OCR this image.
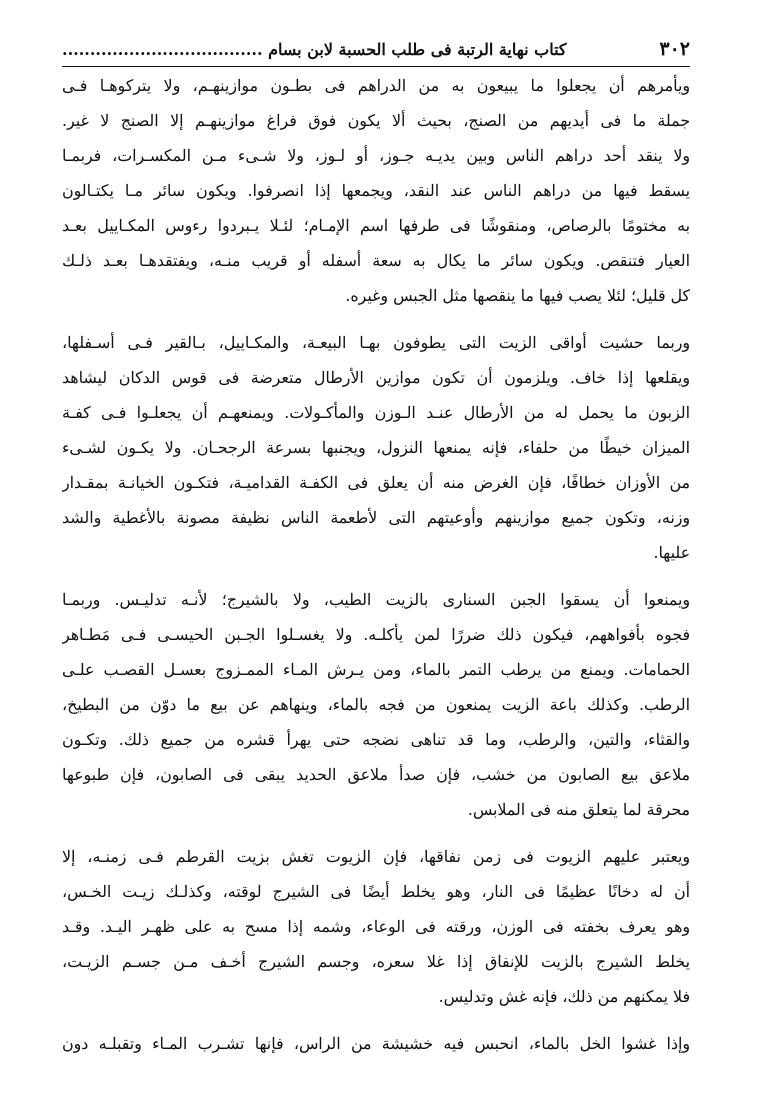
٣٠٢
كتاب نهاية الرتبة فى طلب الحسبة لابن بسام ....................................
ويأمرهم أن يجعلوا ما يبيعون به من الدراهم فى بطـون موازينهـم، ولا يتركوهـا فـى
جملة ما فى أيديهم من الصنج، بحيث ألا يكون فوق فراغ موازينهـم إلا الصنج لا غير.
ولا ينقد أحد دراهم الناس وبين يديـه جـوز، أو لـوز، ولا شـىء مـن المكسـرات، فربمـا
يسقط فيها من دراهم الناس عند النقد، ويجمعها إذا انصرفوا. ويكون سائر مـا يكتـالون
به مختومًا بالرصاص، ومنقوشًا فى طرفها اسم الإمـام؛ لئـلا يـبردوا رءوس المكـاييل بعـد
العيار فتنقص. ويكون سائر ما يكال به سعة أسفله أو قريب منـه، ويفتقدهـا بعـد ذلـك
كل قليل؛ لئلا يصب فيها ما ينقصها مثل الجبس وغيره.
وربما حشيت أواقى الزيت التى يطوفون بهـا البيعـة، والمكـاييل، بـالقير فـى أسـفلها،
ويقلعها إذا خاف. ويلزمون أن تكون موازين الأرطال متعرضة فى قوس الدكان ليشاهد
الزبون ما يحمل له من الأرطال عنـد الـوزن والمأكـولات. ويمنعهـم أن يجعلـوا فـى كفـة
الميزان خيطًا من حلفاء، فإنه يمنعها النزول، ويجنبها بسرعة الرجحـان. ولا يكـون لشـىء
من الأوزان خطافًا، فإن الغرض منه أن يعلق فى الكفـة القداميـة، فتكـون الخيانـة بمقـدار
وزنه، وتكون جميع موازينهم وأوعيتهم التى لأطعمة الناس نظيفة مصونة بالأغطية والشد
عليها.
ويمنعوا أن يسقوا الجبن السنارى بالزيت الطيب، ولا بالشيرج؛ لأنـه تدليـس. وربمـا
فجوه بأفواههم، فيكون ذلك ضررًا لمن يأكلـه. ولا يغسـلوا الجـبن الحيسـى فـى مَطـاهر
الحمامات. ويمنع من يرطب التمر بالماء، ومن يـرش المـاء الممـزوج بعسـل القصـب علـى
الرطب. وكذلك باعة الزيت يمنعون من فجه بالماء، وينهاهم عن بيع ما دوّن من البطيخ،
والقثاء، والتين، والرطب، وما قد تناهى نضجه حتى يهرأ قشره من جميع ذلك. وتكـون
ملاعق بيع الصابون من خشب، فإن صدأ ملاعق الحديد يبقى فى الصابون، فإن طبوعها
محرقة لما يتعلق منه فى الملابس.
ويعتبر عليهم الزيوت فى زمن نفاقها، فإن الزيوت تغش بزيت القرطم فـى زمنـه، إلا
أن له دخانًا عظيمًا فى النار، وهو يخلط أيضًا فى الشيرج لوقته، وكذلـك زيـت الخـس،
وهو يعرف بخفته فى الوزن، ورقته فى الوعاء، وشمه إذا مسح به على ظهـر اليـد. وقـد
يخلط الشيرج بالزيت للإنفاق إذا غلا سعره، وجسم الشيرج أخـف مـن جسـم الزيـت،
فلا يمكنهم من ذلك، فإنه غش وتدليس.
وإذا غشوا الخل بالماء، انحبس فيه خشيشة من الراس، فإنها تشـرب المـاء وتقبلـه دون
